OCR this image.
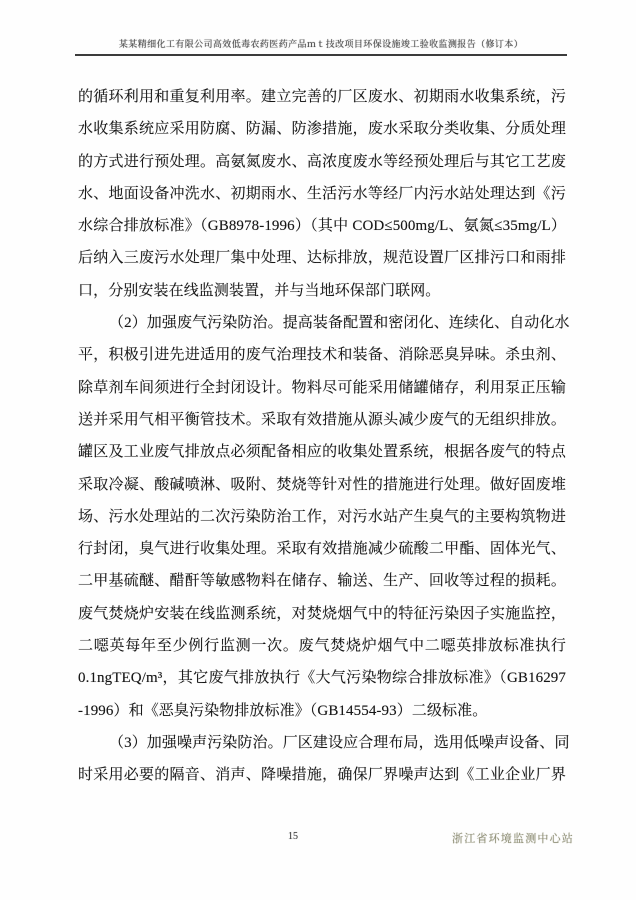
某某精细化工有限公司高效低毒农药医药产品ｍｔ技改项目环保设施竣工验收监测报告（修订本）
的循环利用和重复利用率。建立完善的厂区废水、初期雨水收集系统，污
水收集系统应采用防腐、防漏、防渗措施，废水采取分类收集、分质处理
的方式进行预处理。高氨氮废水、高浓度废水等经预处理后与其它工艺废
水、地面设备冲洗水、初期雨水、生活污水等经厂内污水站处理达到《污
水综合排放标准》（GB8978-1996）（其中 COD≤500mg/L、氨氮≤35mg/L）
后纳入三废污水处理厂集中处理、达标排放，规范设置厂区排污口和雨排
口，分别安装在线监测装置，并与当地环保部门联网。
（2）加强废气污染防治。提高装备配置和密闭化、连续化、自动化水
平，积极引进先进适用的废气治理技术和装备、消除恶臭异味。杀虫剂、
除草剂车间须进行全封闭设计。物料尽可能采用储罐储存，利用泵正压输
送并采用气相平衡管技术。采取有效措施从源头减少废气的无组织排放。
罐区及工业废气排放点必须配备相应的收集处置系统，根据各废气的特点
采取冷凝、酸碱喷淋、吸附、焚烧等针对性的措施进行处理。做好固废堆
场、污水处理站的二次污染防治工作，对污水站产生臭气的主要构筑物进
行封闭，臭气进行收集处理。采取有效措施减少硫酸二甲酯、固体光气、
二甲基硫醚、醋酐等敏感物料在储存、输送、生产、回收等过程的损耗。
废气焚烧炉安装在线监测系统，对焚烧烟气中的特征污染因子实施监控，
二噁英每年至少例行监测一次。废气焚烧炉烟气中二噁英排放标准执行
0.1ngTEQ/m³，其它废气排放执行《大气污染物综合排放标准》（GB16297
-1996）和《恶臭污染物排放标准》（GB14554-93）二级标准。
（3）加强噪声污染防治。厂区建设应合理布局，选用低噪声设备、同
时采用必要的隔音、消声、降噪措施，确保厂界噪声达到《工业企业厂界
15	浙江省环境监测中心站
